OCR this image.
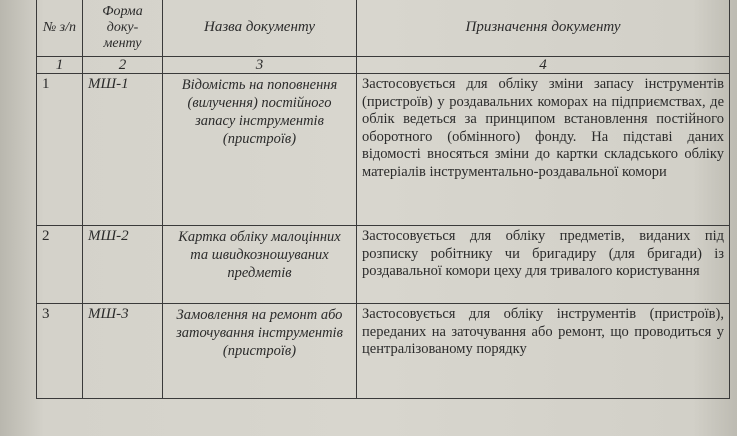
№ з/п	Форма доку-менту	Назва документу	Призначення документу
1	2	3	4
1	МШ-1	Відомість на поповнення (вилучення) постійного запасу інструментів (пристроїв)	Застосовується для обліку зміни запасу інструментів (пристроїв) у роздавальних коморах на підприємствах, де облік ведеться за принципом встановлення постійного оборотного (обмінного) фонду. На підставі даних відомості вносяться зміни до картки складського обліку матеріалів інструментально-роздавальної комори
2	МШ-2	Картка обліку малоцінних та швидкозношуваних предметів	Застосовується для обліку предметів, виданих під розписку робітнику чи бригадиру (для бригади) із роздавальної комори цеху для тривалого користування
3	МШ-3	Замовлення на ремонт або заточування інструментів (пристроїв)	Застосовується для обліку інструментів (пристроїв), переданих на заточування або ремонт, що проводиться у централізованому порядку
